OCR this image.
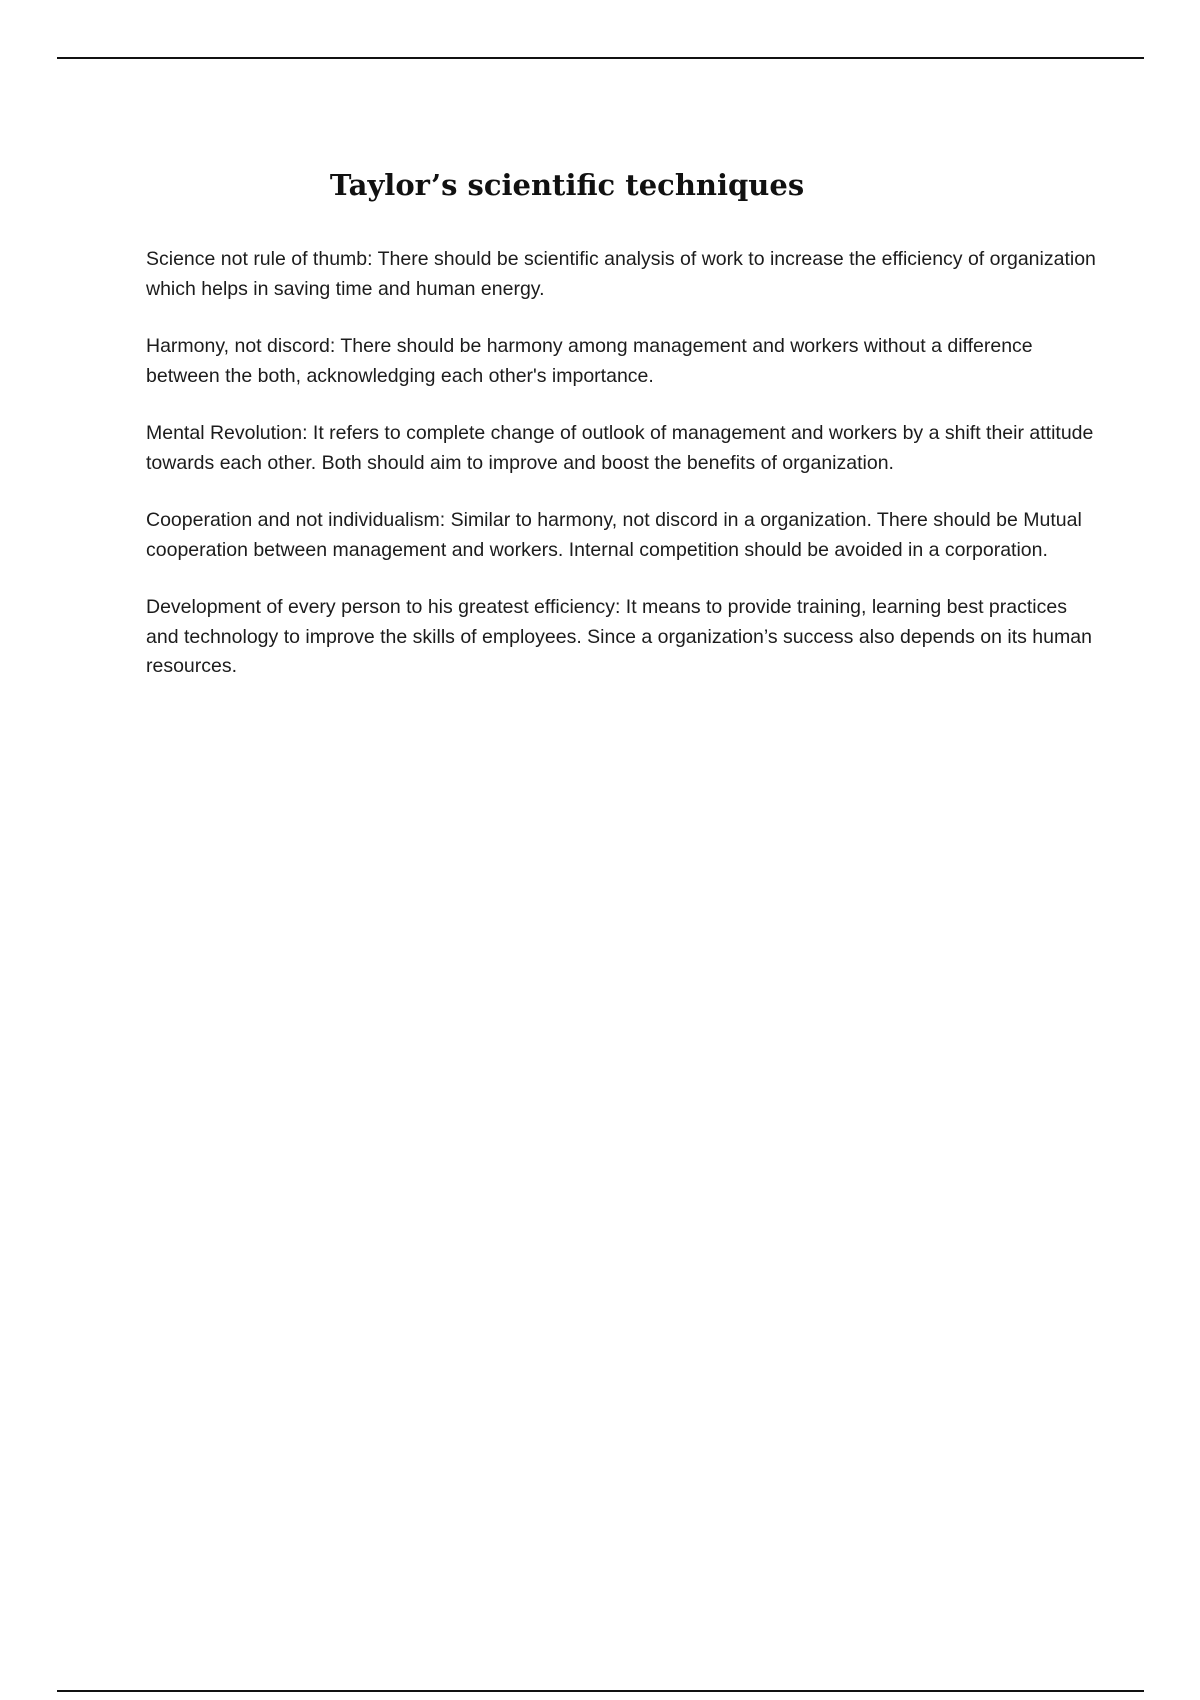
Taylor’s scientific techniques

Science not rule of thumb: There should be scientific analysis of work to increase the efficiency of organization which helps in saving time and human energy.

Harmony, not discord: There should be harmony among management and workers without a difference between the both, acknowledging each other's importance.

Mental Revolution: It refers to complete change of outlook of management and workers by a shift their attitude towards each other. Both should aim to improve and boost the benefits of organization.

Cooperation and not individualism: Similar to harmony, not discord in a organization. There should be Mutual cooperation between management and workers. Internal competition should be avoided in a corporation.

Development of every person to his greatest efficiency: It means to provide training, learning best practices and technology to improve the skills of employees. Since a organization’s success also depends on its human resources.
